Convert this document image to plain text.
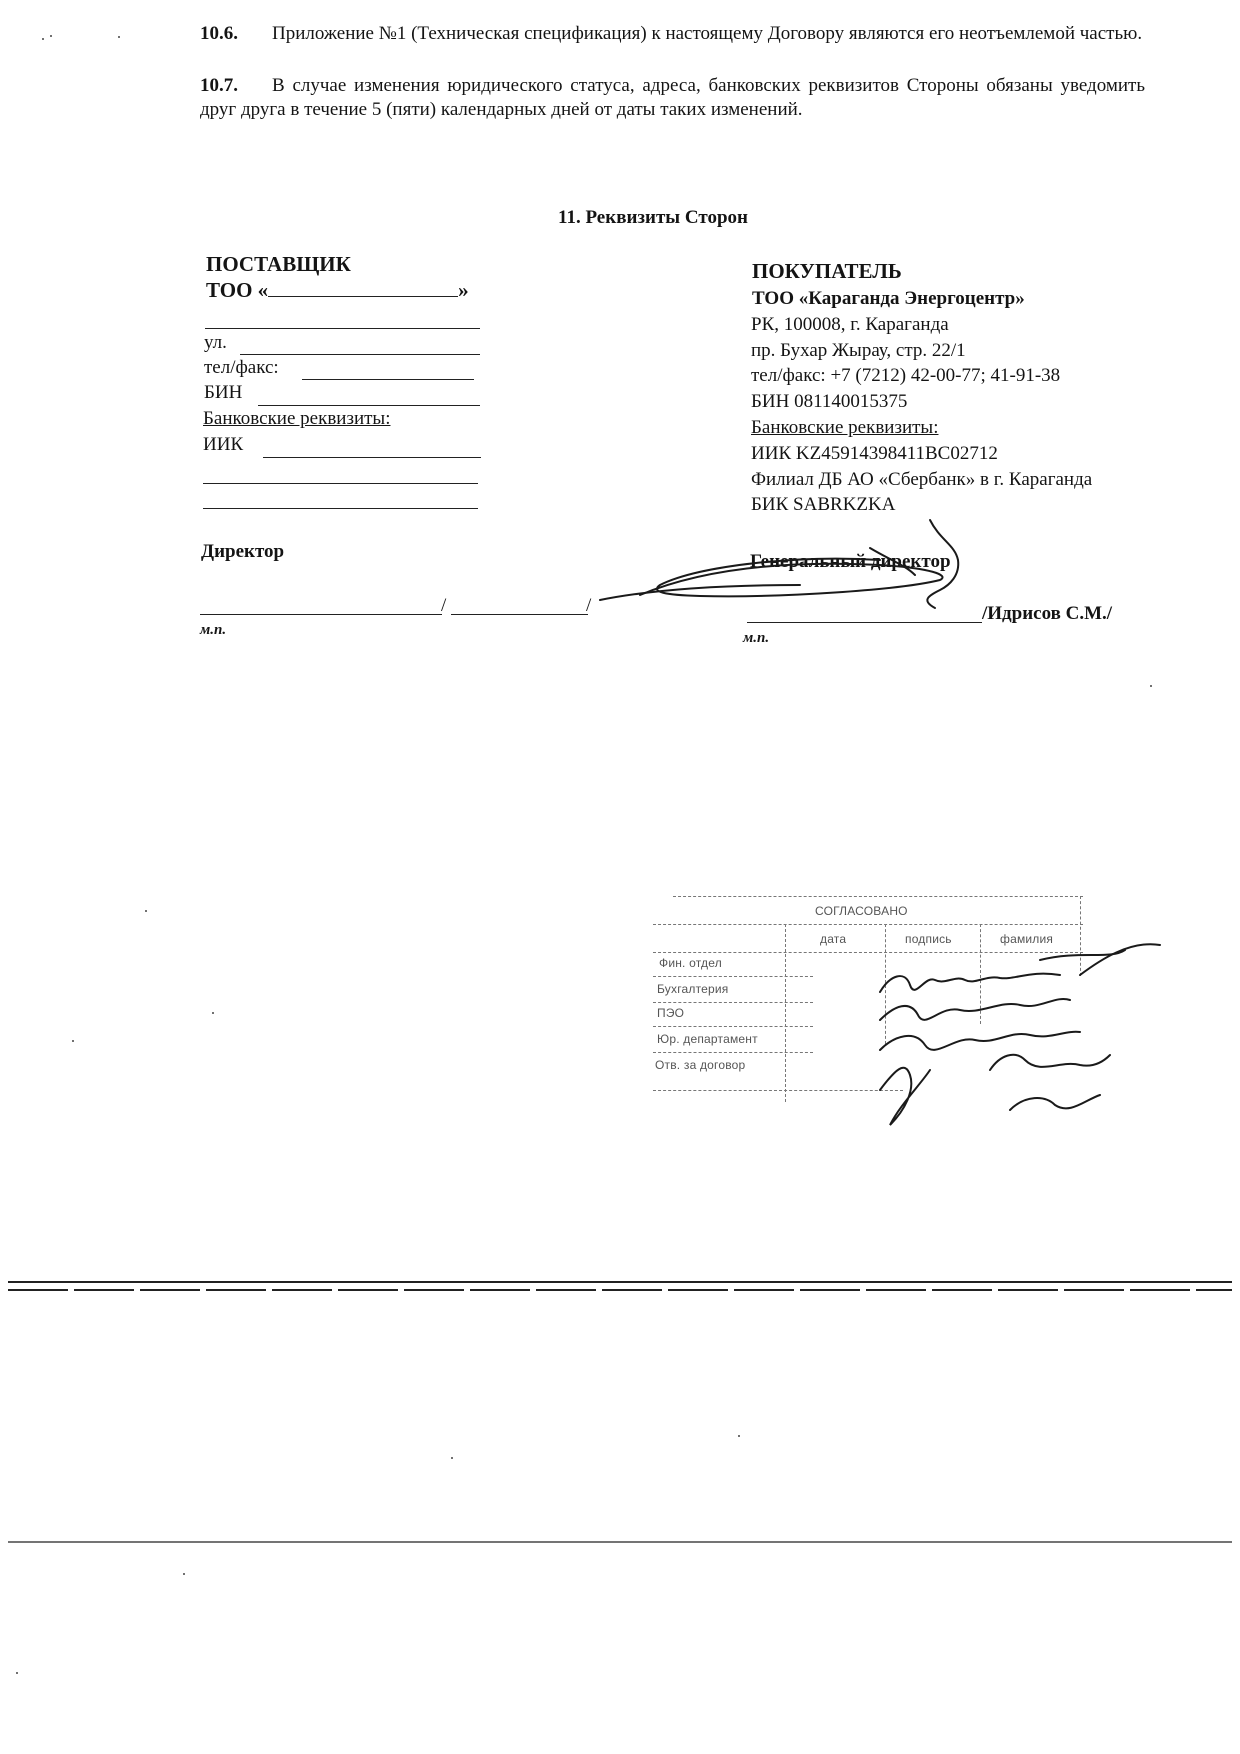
10.6.	Приложение №1 (Техническая спецификация) к настоящему Договору являются его неотъемлемой частью.
10.7.	В случае изменения юридического статуса, адреса, банковских реквизитов Стороны обязаны уведомить друг друга в течение 5 (пяти) календарных дней от даты таких изменений.
11. Реквизиты Сторон
ПОСТАВЩИК
ТОО «	»
ул.
тел/факс:
БИН
Банковские реквизиты:
ИИК
Директор
/	/
м.п.
ПОКУПАТЕЛЬ
ТОО «Караганда Энергоцентр»
РК, 100008, г. Караганда
пр. Бухар Жырау, стр. 22/1
тел/факс: +7 (7212) 42-00-77; 41-91-38
БИН 081140015375
Банковские реквизиты:
ИИК KZ45914398411BC02712
Филиал ДБ АО «Сбербанк» в г. Караганда
БИК SABRKZKA
Генеральный директор
/Идрисов С.М./
м.п.
СОГЛАСОВАНО
дата	подпись	фамилия
Фин. отдел
Бухгалтерия
ПЭО
Юр. департамент
Отв. за договор
